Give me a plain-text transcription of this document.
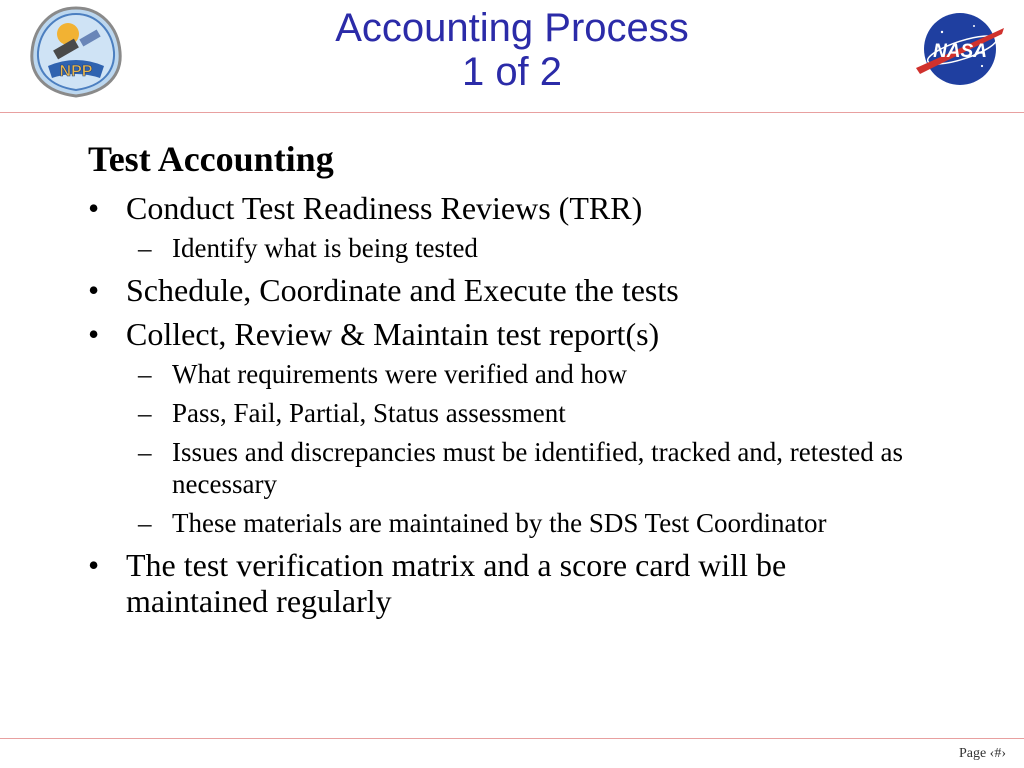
NPP
Accounting Process
1 of 2	NASA
Test Accounting
• Conduct Test Readiness Reviews (TRR)
– Identify what is being tested
• Schedule, Coordinate and Execute the tests
• Collect, Review & Maintain test report(s)
– What requirements were verified and how
– Pass, Fail, Partial, Status assessment
– Issues and discrepancies must be identified, tracked and, retested as necessary
– These materials are maintained by the SDS Test Coordinator
• The test verification matrix and a score card will be maintained regularly
Page ‹#›
